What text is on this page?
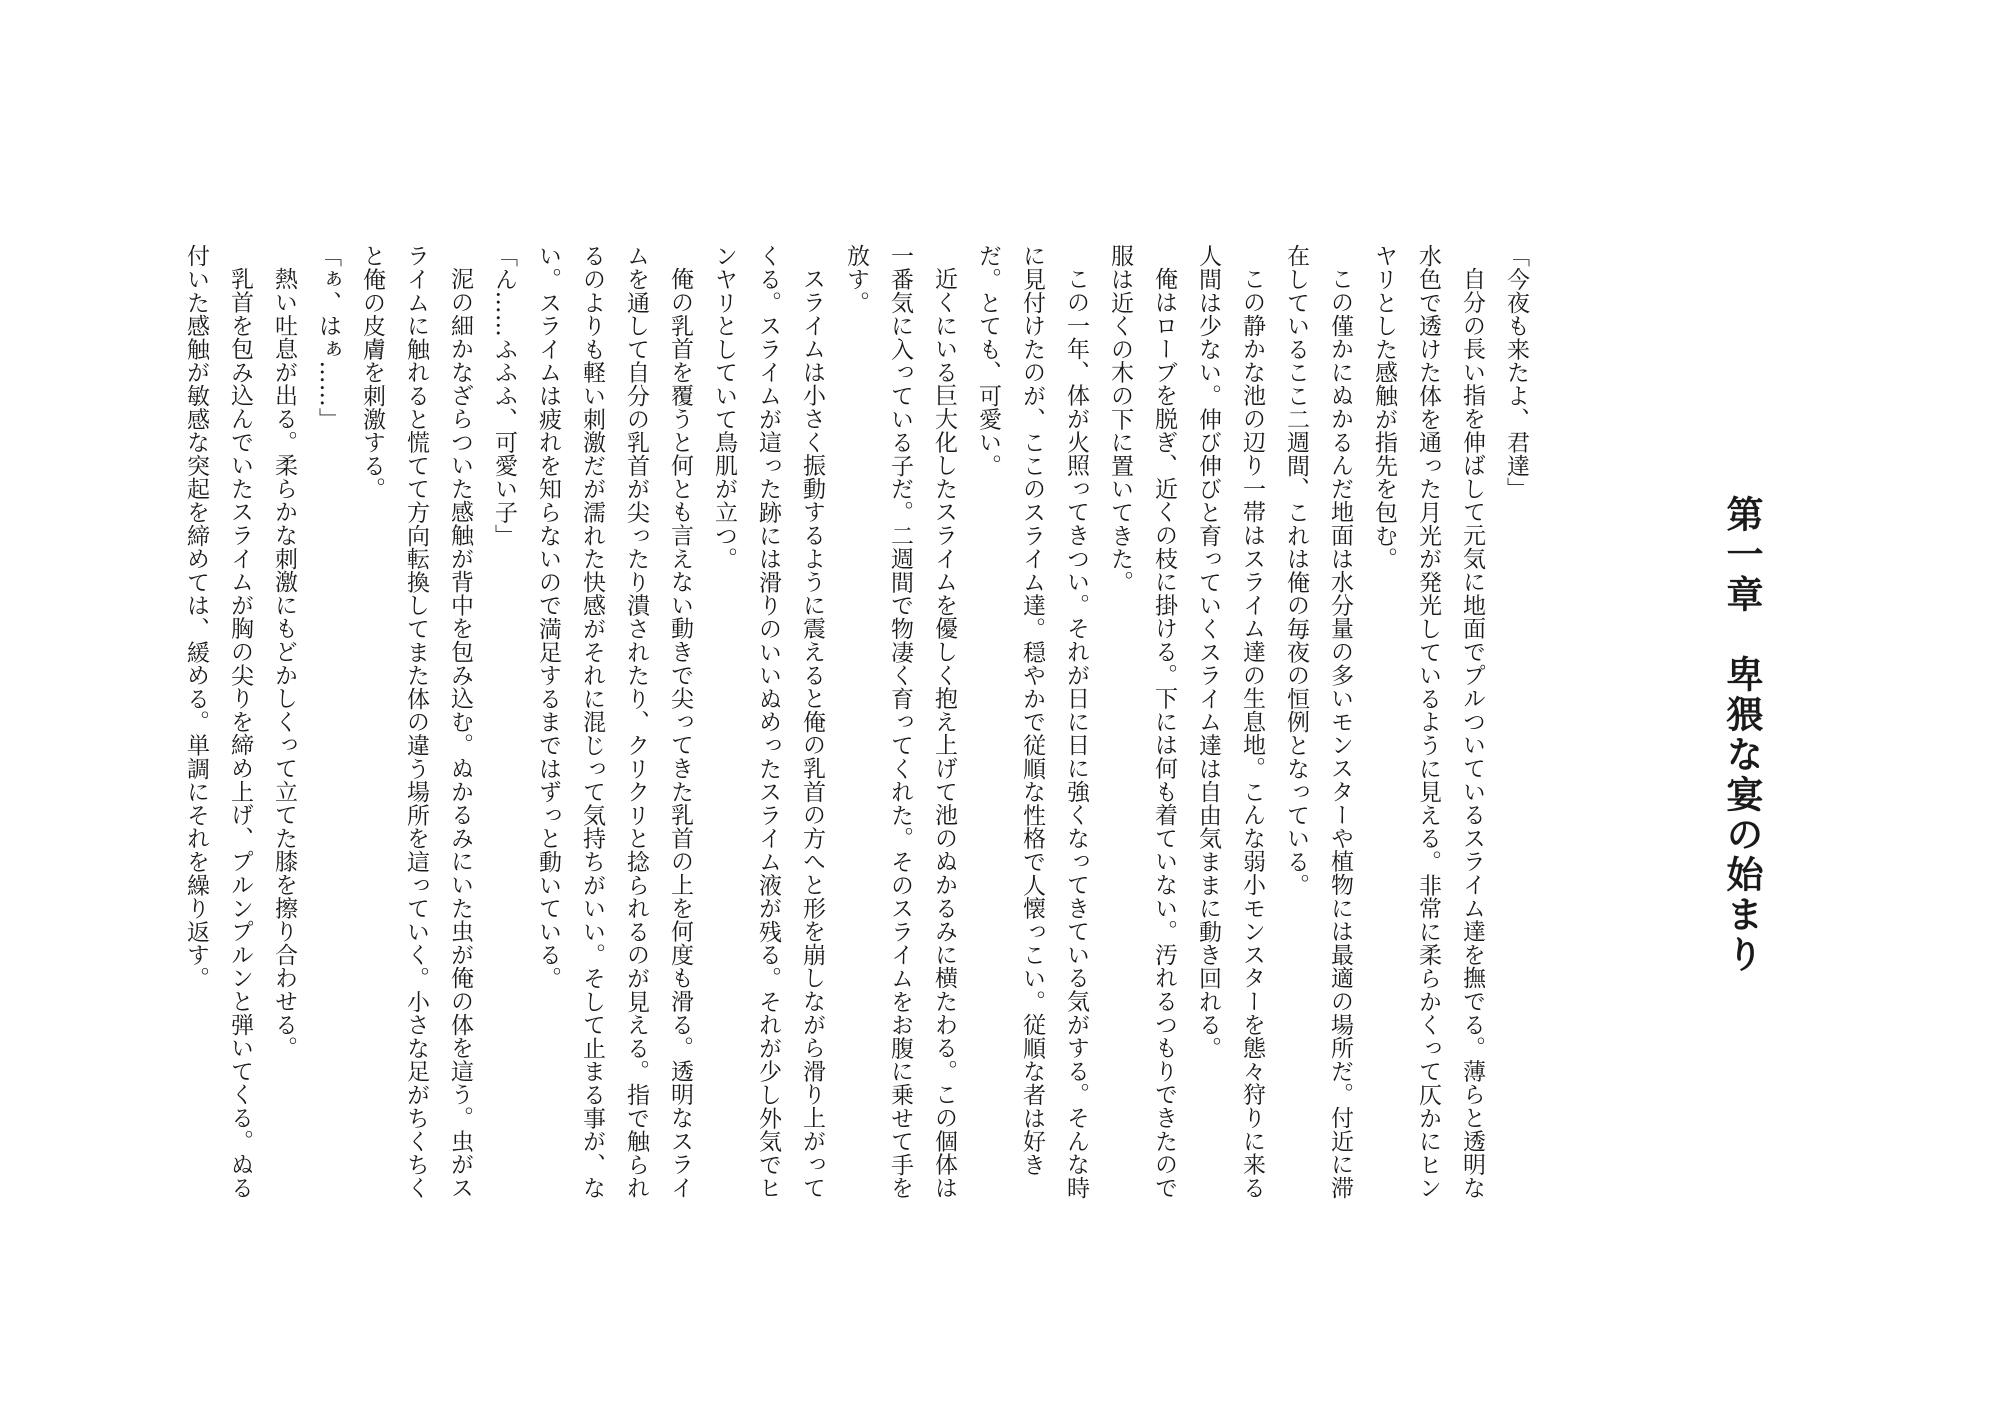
第一章　卑猥な宴の始まり

「今夜も来たよ、君達」

自分の長い指を伸ばして元気に地面でプルついているスライム達を撫でる。薄らと透明な水色で透けた体を通った月光が発光しているように見える。非常に柔らかくって仄かにヒンヤリとした感触が指先を包む。

この僅かにぬかるんだ地面は水分量の多いモンスターや植物には最適の場所だ。付近に滞在しているここ二週間、これは俺の毎夜の恒例となっている。

この静かな池の辺り一帯はスライム達の生息地。こんな弱小モンスターを態々狩りに来る人間は少ない。伸び伸びと育っていくスライム達は自由気ままに動き回れる。

俺はローブを脱ぎ、近くの枝に掛ける。下には何も着ていない。汚れるつもりできたので服は近くの木の下に置いてきた。

この一年、体が火照ってきつい。それが日に日に強くなってきている気がする。そんな時に見付けたのが、ここのスライム達。穏やかで従順な性格で人懐っこい。従順な者は好きだ。とても、可愛い。

近くにいる巨大化したスライムを優しく抱え上げて池のぬかるみに横たわる。この個体は一番気に入っている子だ。二週間で物凄く育ってくれた。そのスライムをお腹に乗せて手を放す。

スライムは小さく振動するように震えると俺の乳首の方へと形を崩しながら滑り上がってくる。スライムが這った跡には滑りのいいぬめったスライム液が残る。それが少し外気でヒンヤリとしていて鳥肌が立つ。

俺の乳首を覆うと何とも言えない動きで尖ってきた乳首の上を何度も滑る。透明なスライムを通して自分の乳首が尖ったり潰されたり、クリクリと捻られるのが見える。指で触られるのよりも軽い刺激だが濡れた快感がそれに混じって気持ちがいい。そして止まる事が、ない。スライムは疲れを知らないので満足するまではずっと動いている。

「ん……ふふふ、可愛い子」

泥の細かなざらついた感触が背中を包み込む。ぬかるみにいた虫が俺の体を這う。虫がスライムに触れると慌てて方向転換してまた体の違う場所を這っていく。小さな足がちくちくと俺の皮膚を刺激する。

「ぁ、はぁ……」

熱い吐息が出る。柔らかな刺激にもどかしくって立てた膝を擦り合わせる。

乳首を包み込んでいたスライムが胸の尖りを締め上げ、プルンプルンと弾いてくる。ぬる付いた感触が敏感な突起を締めては、緩める。単調にそれを繰り返す。
